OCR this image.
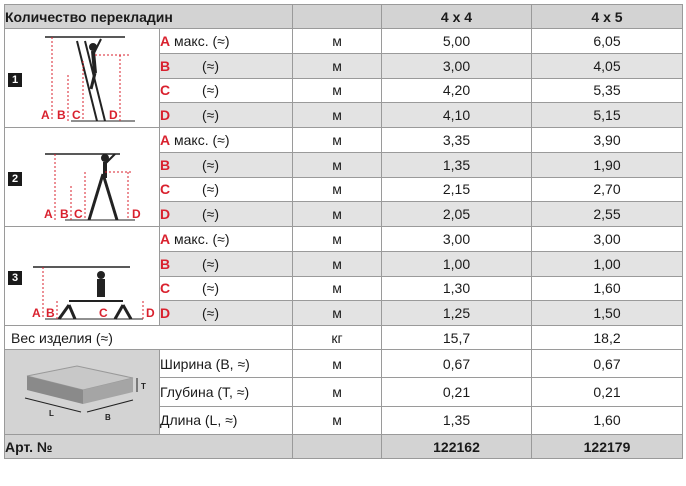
Количество перекладин			4 x 4	4 x 5

1
A B C D	A макс. (≈)	м	5,00	6,05
	B (≈)	м	3,00	4,05
	C (≈)	м	4,20	5,35
	D (≈)	м	4,10	5,15

2
A B C D	A макс. (≈)	м	3,35	3,90
	B (≈)	м	1,35	1,90
	C (≈)	м	2,15	2,70
	D (≈)	м	2,05	2,55

3
A B C D	A макс. (≈)	м	3,00	3,00
	B (≈)	м	1,00	1,00
	C (≈)	м	1,30	1,60
	D (≈)	м	1,25	1,50
Вес изделия (≈)		кг	15,7	18,2

T
L B	Ширина (B, ≈)	м	0,67	0,67
	Глубина (T, ≈)	м	0,21	0,21
	Длина (L, ≈)	м	1,35	1,60
Арт. №			122162	122179
